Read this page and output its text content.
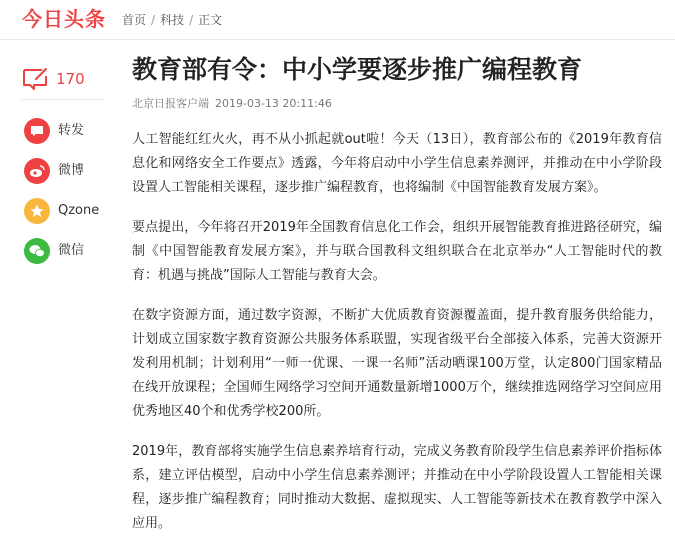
今日头条 首页 / 科技 / 正文
170
转发
微博
Qzone
微信
教育部有令：中小学要逐步推广编程教育
北京日报客户端 2019-03-13 20:11:46

人工智能红红火火，再不从小抓起就out啦！今天（13日），教育部公布的《2019年教育信息化和网络安全工作要点》透露，今年将启动中小学生信息素养测评，并推动在中小学阶段设置人工智能相关课程，逐步推广编程教育，也将编制《中国智能教育发展方案》。

要点提出，今年将召开2019年全国教育信息化工作会，组织开展智能教育推进路径研究，编制《中国智能教育发展方案》，并与联合国教科文组织联合在北京举办“人工智能时代的教育：机遇与挑战”国际人工智能与教育大会。

在数字资源方面，通过数字资源，不断扩大优质教育资源覆盖面，提升教育服务供给能力，计划成立国家数字教育资源公共服务体系联盟，实现省级平台全部接入体系，完善大资源开发利用机制；计划利用“一师一优课、一课一名师”活动晒课100万堂，认定800门国家精品在线开放课程；全国师生网络学习空间开通数量新增1000万个，继续推选网络学习空间应用优秀地区40个和优秀学校200所。

2019年，教育部将实施学生信息素养培育行动，完成义务教育阶段学生信息素养评价指标体系，建立评估模型，启动中小学生信息素养测评；并推动在中小学阶段设置人工智能相关课程，逐步推广编程教育；同时推动大数据、虚拟现实、人工智能等新技术在教育教学中深入应用。
